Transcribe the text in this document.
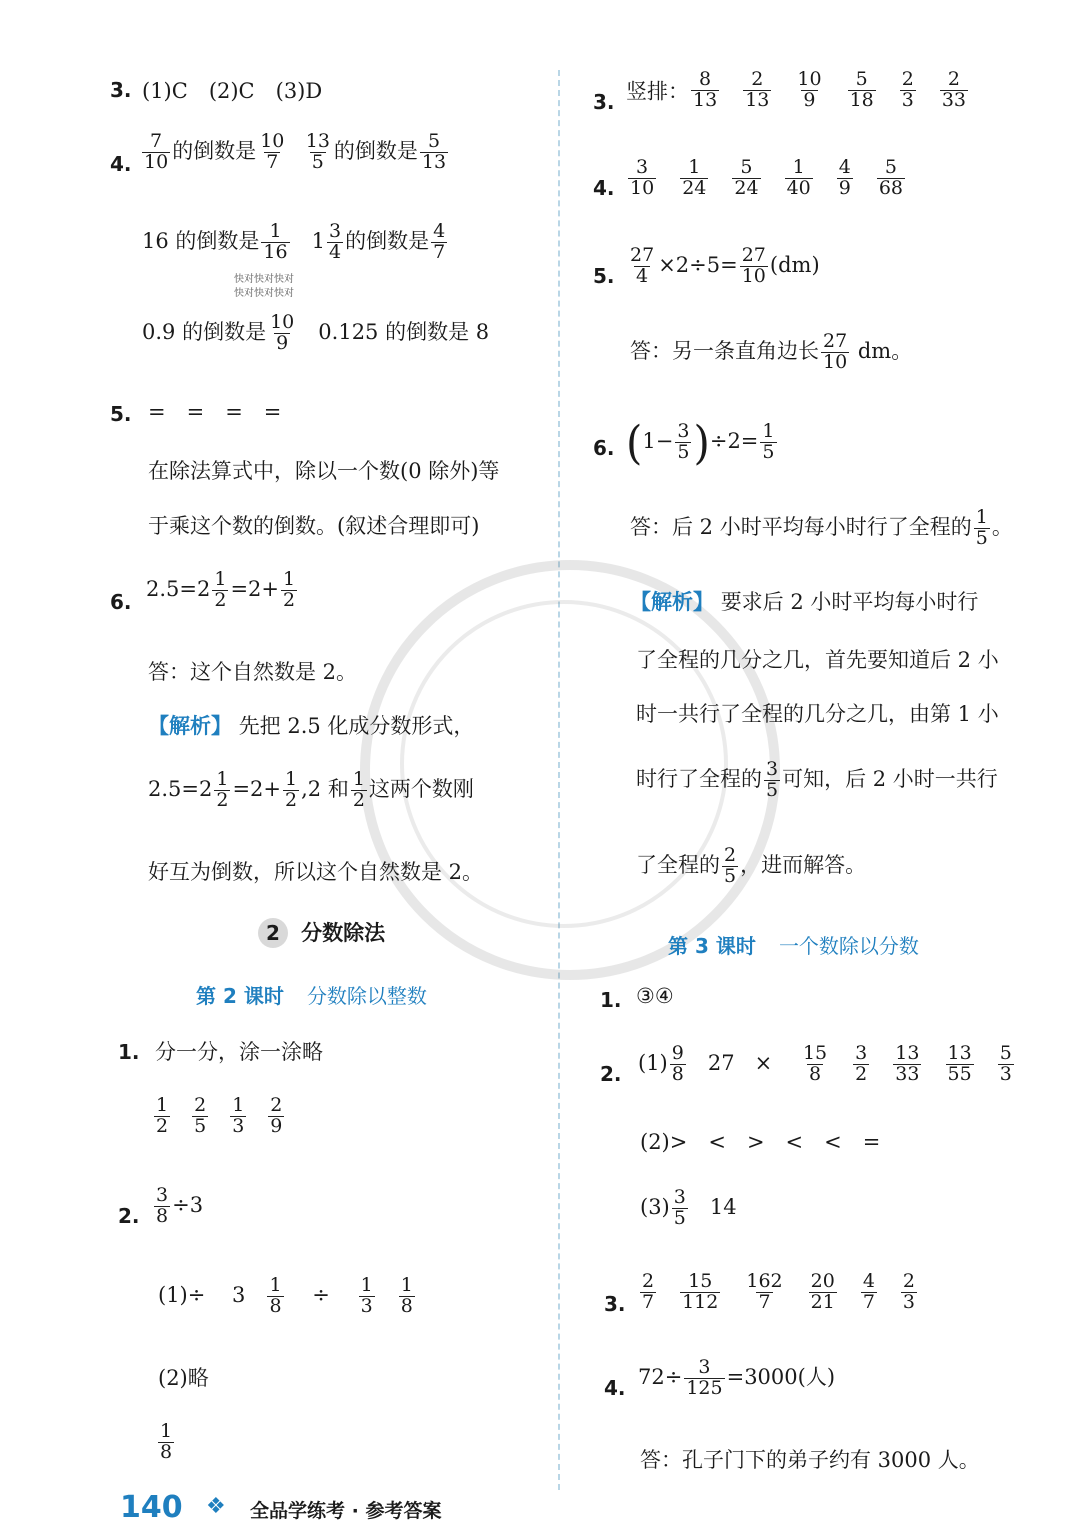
3. (1)C　(2)C　(3)D
4. $\frac{7}{10}$ 的倒数是 $\frac{10}{7}$
$\frac{13}{5}$ 的倒数是 $\frac{5}{13}$
16 的倒数是 $\frac{1}{16} 1 \frac{3}{4}$ 的倒数是 $\frac{4}{7}$
快对快对快对
快对快对快对
0.9 的倒数是 $\frac{10}{9} 0.125$ 的倒数是 8
5. =　=　=　=
在除法算式中，除以一个数(0 除外)等
于乘这个数的倒数。(叙述合理即可)
6.
$2.5=2 \frac{1}{2} =2+ \frac{1}{2}$
答：这个自然数是 2。
【解析】 先把 2.5 化成分数形式，
$2.5=2 \frac{1}{2} =2+ \frac{1}{2} ,2$ 和 $\frac{1}{2}$ 这两个数刚
好互为倒数，所以这个自然数是 2。
2 分数除法
第 2 课时 分数除以整数
1. 分一分，涂一涂略
$\frac{1}{2} \frac{2}{5} \frac{1}{3} \frac{2}{9}$
2. $\frac{3}{8} \div 3$
$(1)\div 3 \frac{1}{8} \div \frac{1}{3}$
$\frac{1}{8}$
(2)略
$\frac{1}{8}$
3. 竖排： $\frac{8}{13} \frac{2}{13} \frac{10}{9} \frac{5}{18} \frac{2}{3} \frac{2}{33}$
4. $\frac{3}{10} \frac{1}{24} \frac{5}{24} \frac{1}{40} \frac{4}{9} \frac{5}{68}$
5. $\frac{27}{4} \times 2\div 5= \frac{27}{10} (dm)$
答：另一条直角边长 $\frac{27}{10}$ dm。
6. $(1- \frac{3}{5} )\div 2= \frac{1}{5}$
答：后 2 小时平均每小时行了全程的 $\frac{1}{5}$ 。
【解析】 要求后 2 小时平均每小时行
了全程的几分之几，首先要知道后 2 小
时一共行了全程的几分之几，由第 1 小
时行了全程的 $\frac{3}{5}$ 可知，后 2 小时一共行
了全程的 $\frac{2}{5}$ ，进而解答。
第 3 课时 一个数除以分数
1. ③④
2. $(1) \frac{9}{8} 27 \times \frac{15}{8}$
$\frac{3}{2}$
$\frac{13}{33}$
$\frac{13}{55}$
$\frac{5}{3}$
(2)>　<　>　<　<　=
$(3) \frac{3}{5} 14$
3. $\frac{2}{7} \frac{15}{112} \frac{162}{7} \frac{20}{21} \frac{4}{7} \frac{2}{3}$
4. $72\div \frac{3}{125} =3000$(人)
答：孔子门下的弟子约有 3000 人。
140 ❖ 全品学练考 · 参考答案
